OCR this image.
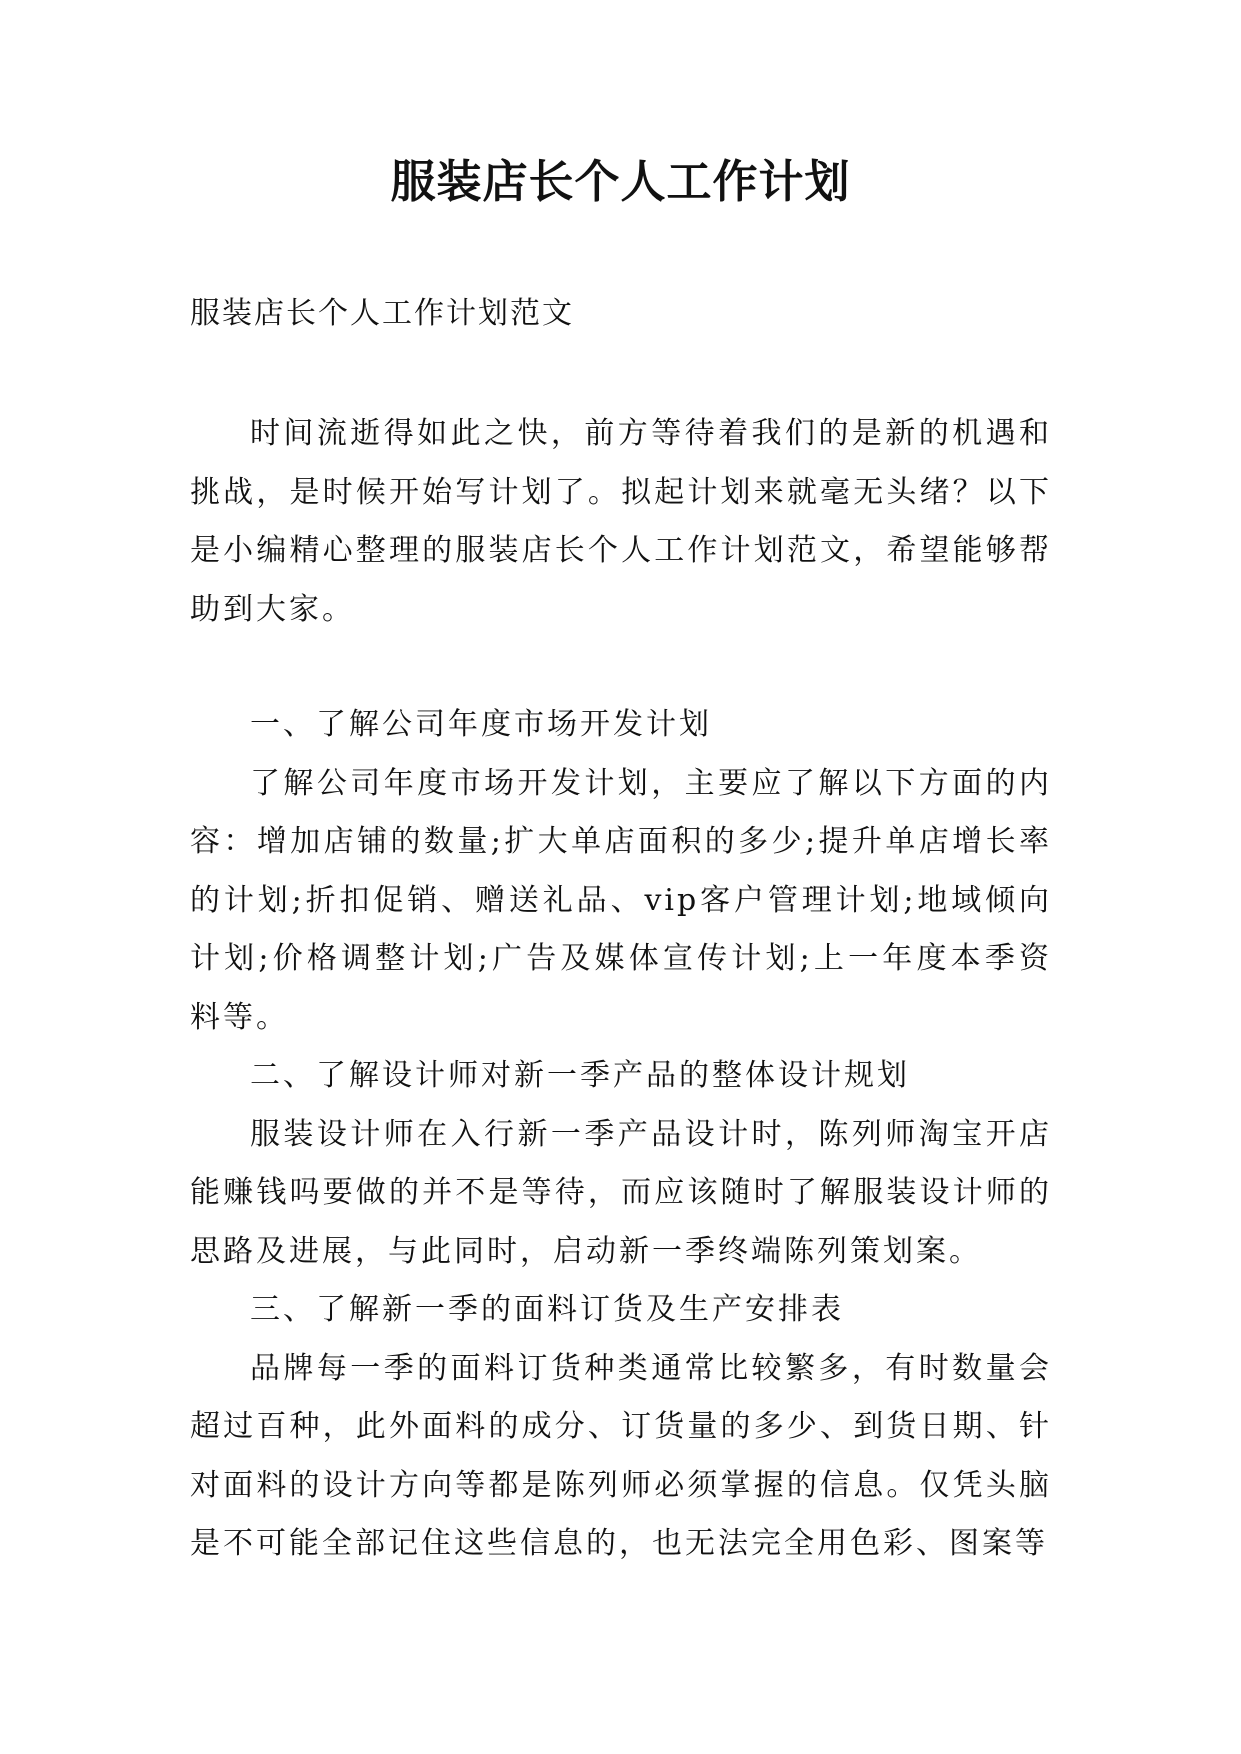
服装店长个人工作计划
服装店长个人工作计划范文

时间流逝得如此之快，前方等待着我们的是新的机遇和挑战，是时候开始写计划了。拟起计划来就毫无头绪？以下是小编精心整理的服装店长个人工作计划范文，希望能够帮助到大家。

一、了解公司年度市场开发计划

了解公司年度市场开发计划，主要应了解以下方面的内容：增加店铺的数量;扩大单店面积的多少;提升单店增长率的计划;折扣促销、赠送礼品、vip客户管理计划;地域倾向计划;价格调整计划;广告及媒体宣传计划;上一年度本季资料等。

二、了解设计师对新一季产品的整体设计规划

服装设计师在入行新一季产品设计时，陈列师淘宝开店能赚钱吗要做的并不是等待，而应该随时了解服装设计师的思路及进展，与此同时，启动新一季终端陈列策划案。

三、了解新一季的面料订货及生产安排表

品牌每一季的面料订货种类通常比较繁多，有时数量会超过百种，此外面料的成分、订货量的多少、到货日期、针对面料的设计方向等都是陈列师必须掌握的信息。仅凭头脑是不可能全部记住这些信息的，也无法完全用色彩、图案等
